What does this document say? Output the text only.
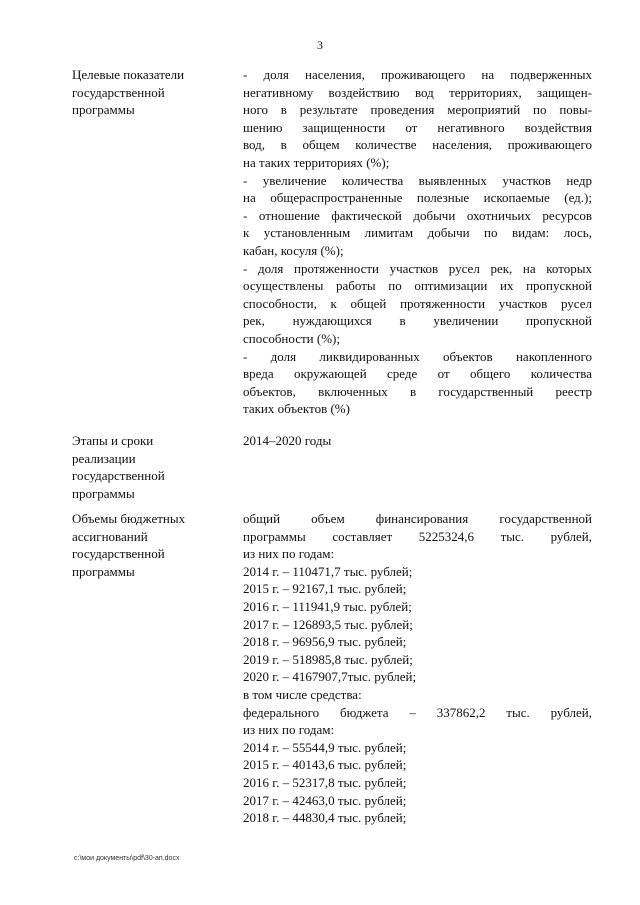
3
Целевые показатели
государственной
программы
- доля населения, проживающего на подверженных
негативному воздействию вод территориях, защищен-
ного в результате проведения мероприятий по повы-
шению защищенности от негативного воздействия
вод, в общем количестве населения, проживающего
на таких территориях (%);
- увеличение количества выявленных участков недр
на общераспространенные полезные ископаемые (ед.);
- отношение фактической добычи охотничьих ресурсов
к установленным лимитам добычи по видам: лось,
кабан, косуля (%);
- доля протяженности участков русел рек, на которых
осуществлены работы по оптимизации их пропускной
способности, к общей протяженности участков русел
рек, нуждающихся в увеличении пропускной
способности (%);
- доля ликвидированных объектов накопленного
вреда окружающей среде от общего количества
объектов, включенных в государственный реестр
таких объектов (%)
Этапы и сроки
реализации
государственной
программы
2014–2020 годы
Объемы бюджетных
ассигнований
государственной
программы
общий объем финансирования государственной
программы составляет 5225324,6 тыс. рублей,
из них по годам:
2014 г. – 110471,7 тыс. рублей;
2015 г. – 92167,1 тыс. рублей;
2016 г. – 111941,9 тыс. рублей;
2017 г. – 126893,5 тыс. рублей;
2018 г. – 96956,9 тыс. рублей;
2019 г. – 518985,8 тыс. рублей;
2020 г. – 4167907,7тыс. рублей;
в том числе средства:
федерального бюджета – 337862,2 тыс. рублей,
из них по годам:
2014 г. – 55544,9 тыс. рублей;
2015 г. – 40143,6 тыс. рублей;
2016 г. – 52317,8 тыс. рублей;
2017 г. – 42463,0 тыс. рублей;
2018 г. – 44830,4 тыс. рублей;
c:\мои документы\pdf\30-ап.docx
